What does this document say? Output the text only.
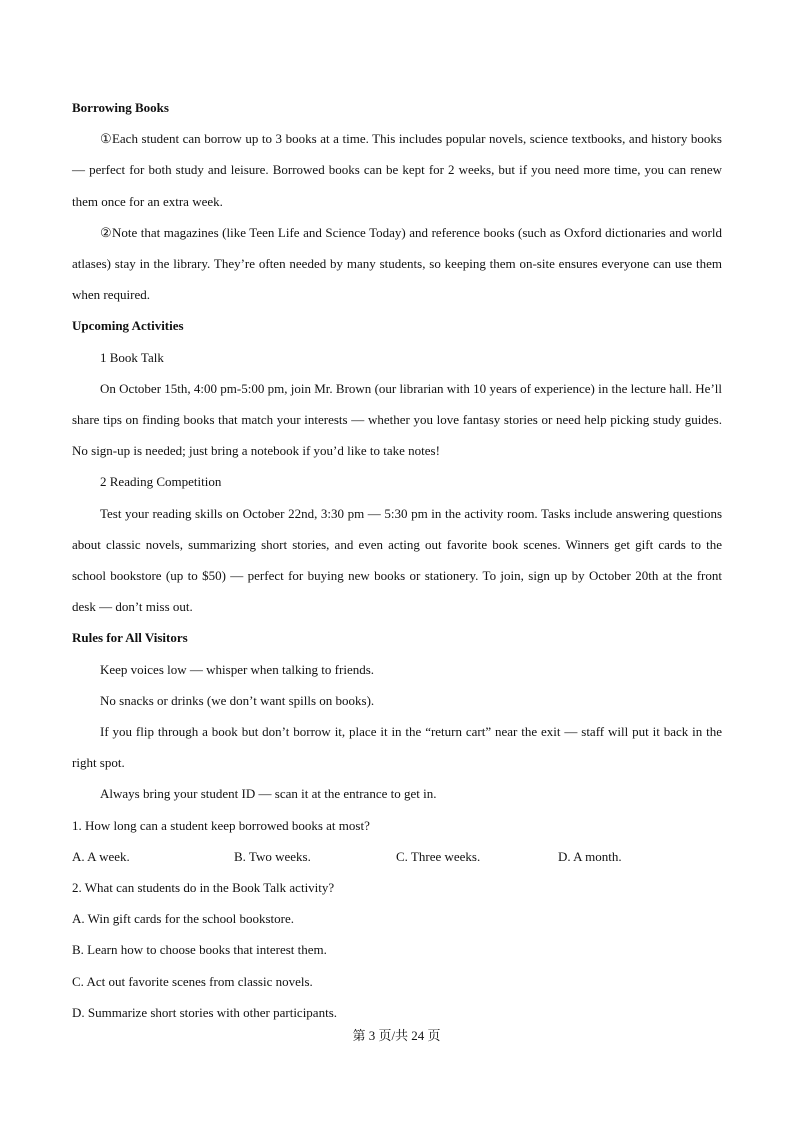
Borrowing Books
①Each student can borrow up to 3 books at a time. This includes popular novels, science textbooks, and history books — perfect for both study and leisure. Borrowed books can be kept for 2 weeks, but if you need more time, you can renew them once for an extra week.
②Note that magazines (like Teen Life and Science Today) and reference books (such as Oxford dictionaries and world atlases) stay in the library. They’re often needed by many students, so keeping them on-site ensures everyone can use them when required.
Upcoming Activities
1 Book Talk
On October 15th, 4:00 pm-5:00 pm, join Mr. Brown (our librarian with 10 years of experience) in the lecture hall. He’ll share tips on finding books that match your interests — whether you love fantasy stories or need help picking study guides. No sign-up is needed; just bring a notebook if you’d like to take notes!
2 Reading Competition
Test your reading skills on October 22nd, 3:30 pm — 5:30 pm in the activity room. Tasks include answering questions about classic novels, summarizing short stories, and even acting out favorite book scenes. Winners get gift cards to the school bookstore (up to $50) — perfect for buying new books or stationery. To join, sign up by October 20th at the front desk — don’t miss out.
Rules for All Visitors
Keep voices low — whisper when talking to friends.
No snacks or drinks (we don’t want spills on books).
If you flip through a book but don’t borrow it, place it in the “return cart” near the exit — staff will put it back in the right spot.
Always bring your student ID — scan it at the entrance to get in.
1. How long can a student keep borrowed books at most?
A. A week.	B. Two weeks.	C. Three weeks.	D. A month.
2. What can students do in the Book Talk activity?
A. Win gift cards for the school bookstore.
B. Learn how to choose books that interest them.
C. Act out favorite scenes from classic novels.
D. Summarize short stories with other participants.
第 3 页/共 24 页
